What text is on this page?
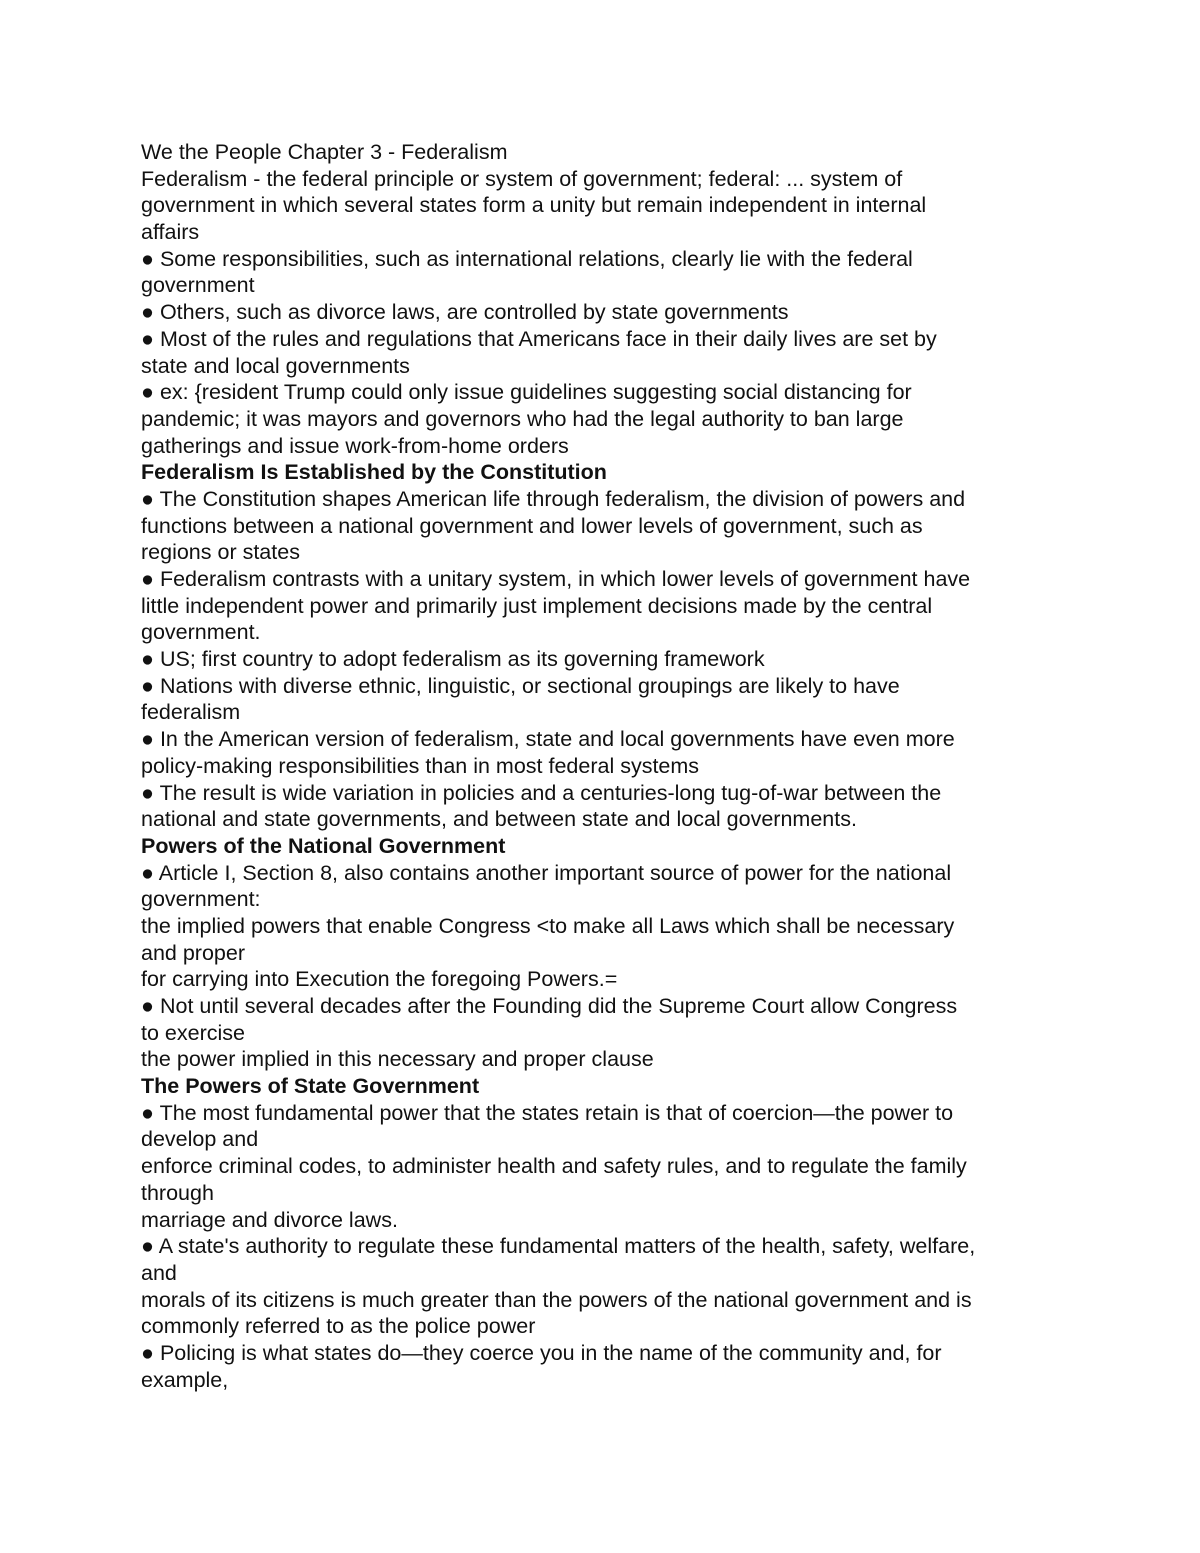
We the People Chapter 3 - Federalism
Federalism - the federal principle or system of government; federal: ... system of
government in which several states form a unity but remain independent in internal
affairs
● Some responsibilities, such as international relations, clearly lie with the federal
government
● Others, such as divorce laws, are controlled by state governments
● Most of the rules and regulations that Americans face in their daily lives are set by
state and local governments
● ex: {resident Trump could only issue guidelines suggesting social distancing for
pandemic; it was mayors and governors who had the legal authority to ban large
gatherings and issue work-from-home orders
Federalism Is Established by the Constitution
● The Constitution shapes American life through federalism, the division of powers and
functions between a national government and lower levels of government, such as
regions or states
● Federalism contrasts with a unitary system, in which lower levels of government have
little independent power and primarily just implement decisions made by the central
government.
● US; first country to adopt federalism as its governing framework
● Nations with diverse ethnic, linguistic, or sectional groupings are likely to have
federalism
● In the American version of federalism, state and local governments have even more
policy-making responsibilities than in most federal systems
● The result is wide variation in policies and a centuries-long tug-of-war between the
national and state governments, and between state and local governments.
Powers of the National Government
● Article I, Section 8, also contains another important source of power for the national
government:
the implied powers that enable Congress <to make all Laws which shall be necessary
and proper
for carrying into Execution the foregoing Powers.=
● Not until several decades after the Founding did the Supreme Court allow Congress
to exercise
the power implied in this necessary and proper clause
The Powers of State Government
● The most fundamental power that the states retain is that of coercion—the power to
develop and
enforce criminal codes, to administer health and safety rules, and to regulate the family
through
marriage and divorce laws.
● A state's authority to regulate these fundamental matters of the health, safety, welfare,
and
morals of its citizens is much greater than the powers of the national government and is
commonly referred to as the police power
● Policing is what states do—they coerce you in the name of the community and, for
example,
